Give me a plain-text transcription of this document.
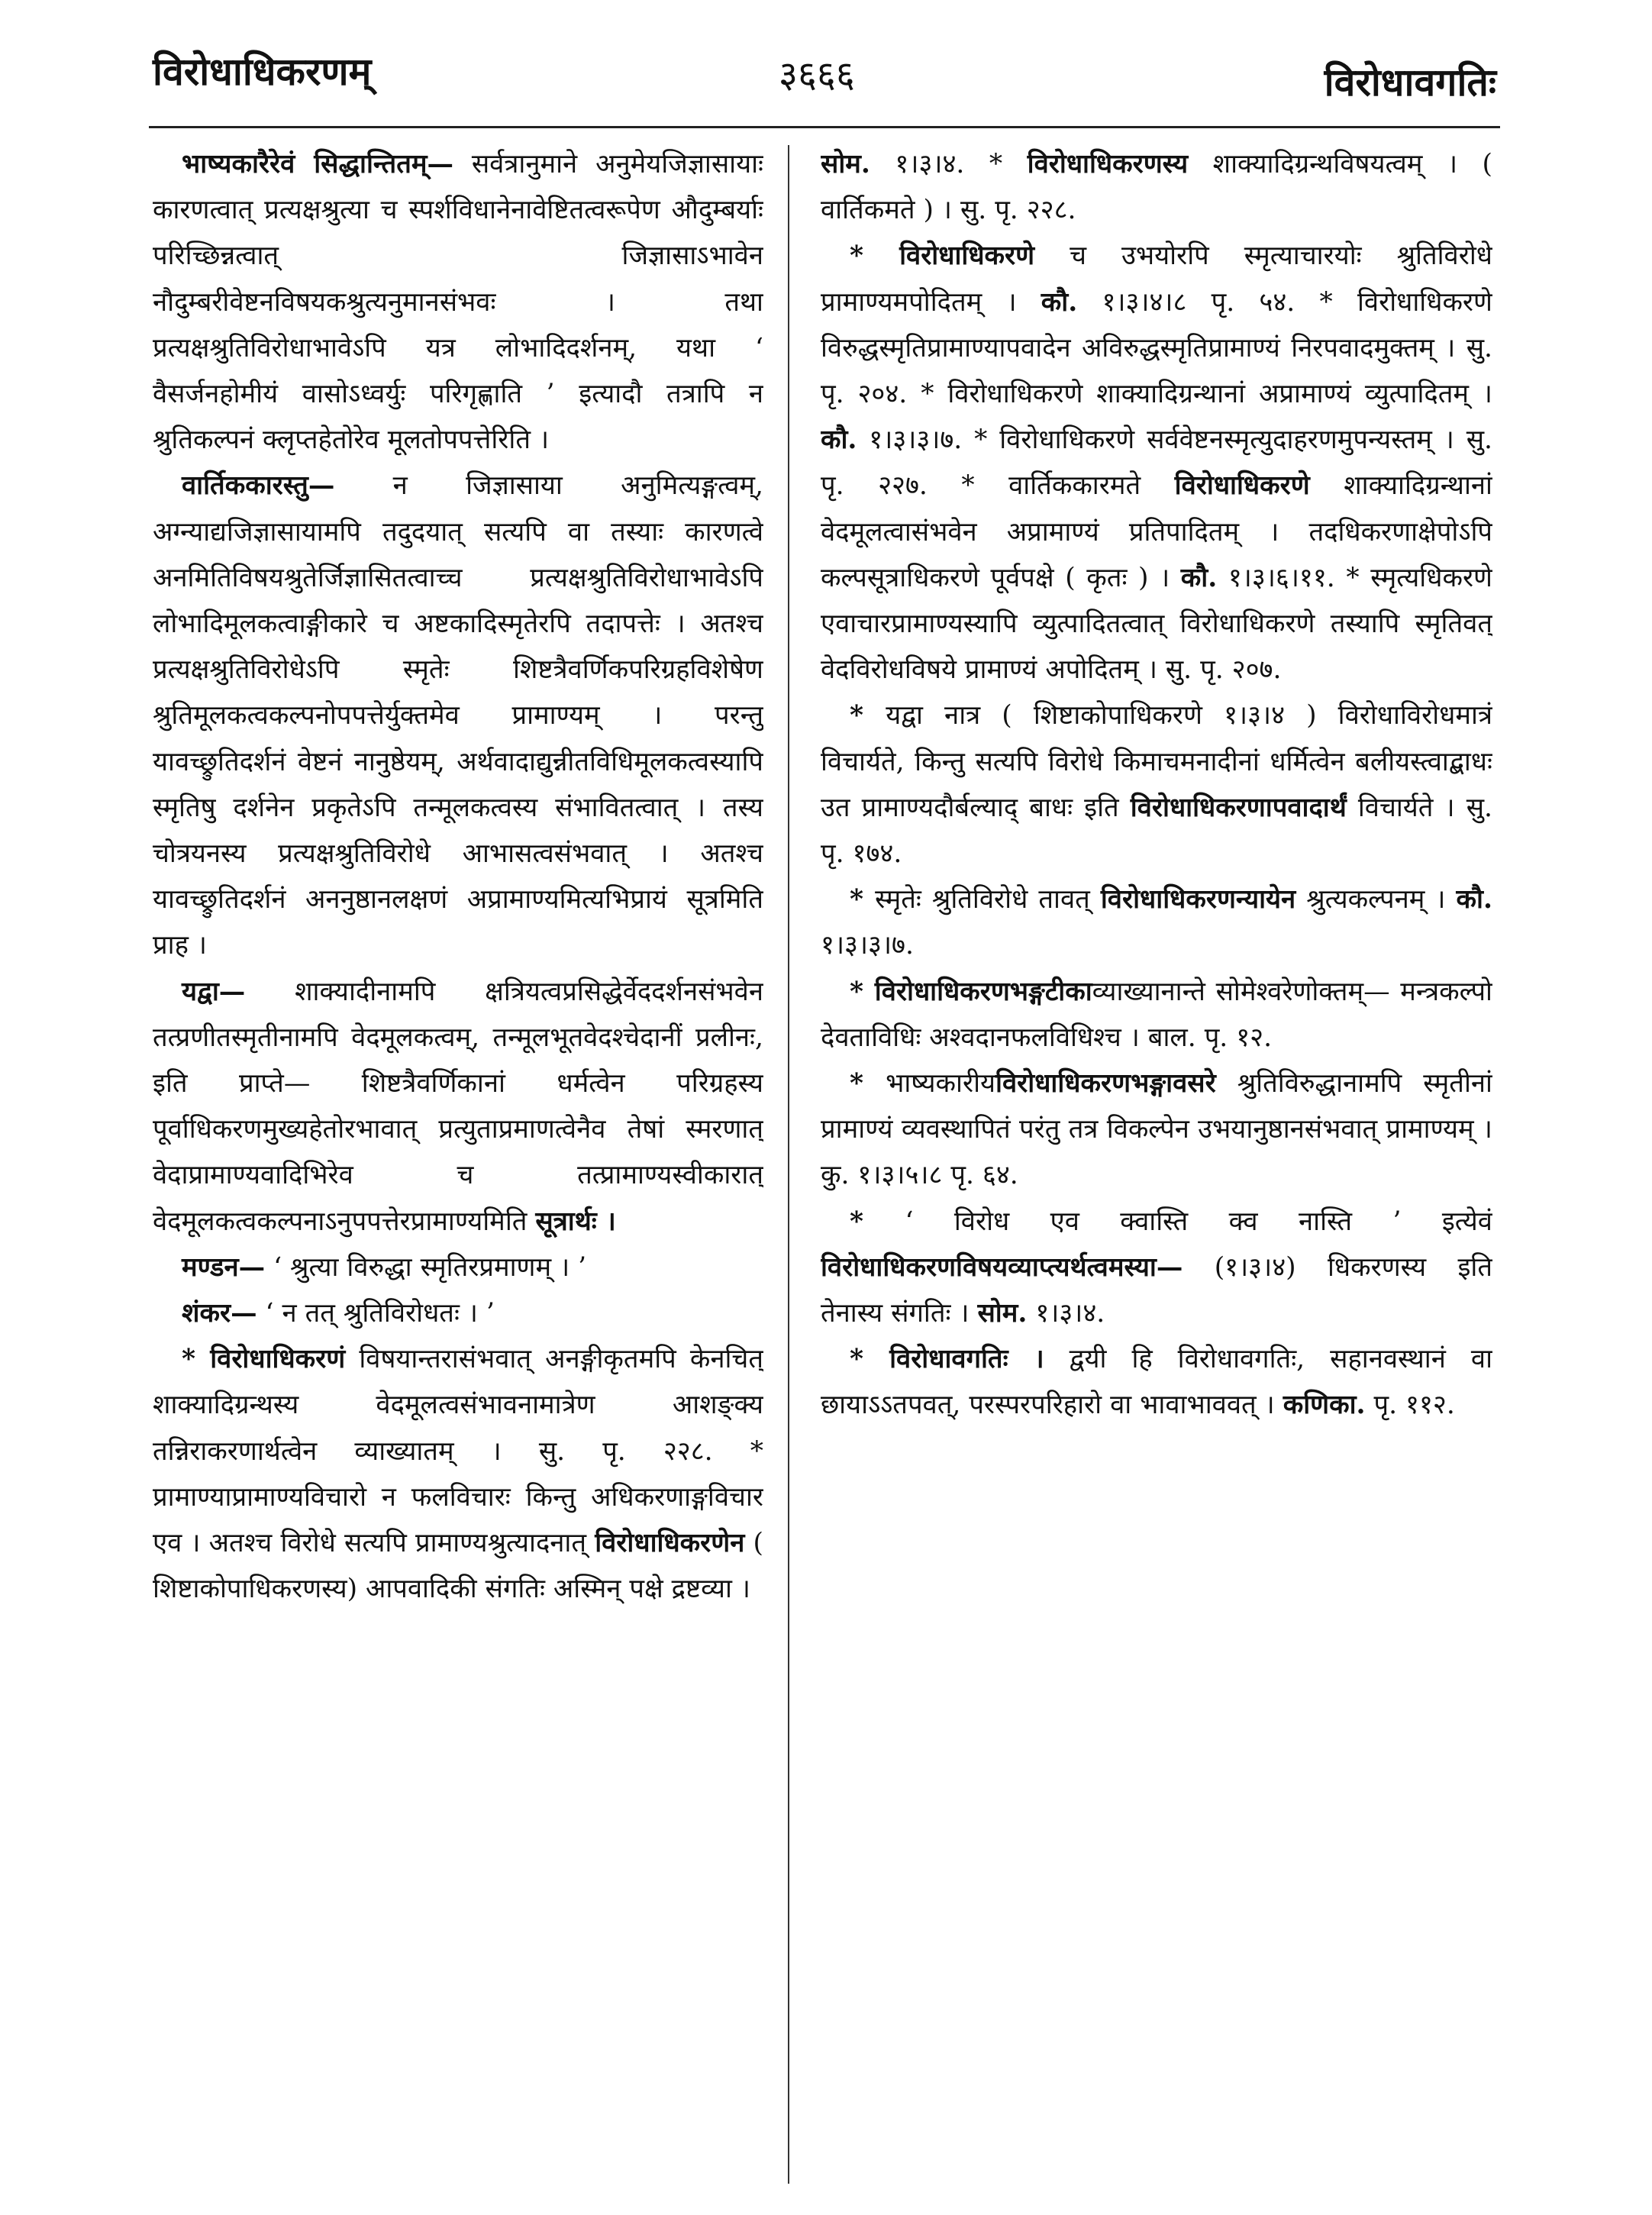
विरोधाधिकरणम्	३६६६	विरोधावगतिः

भाष्यकारैरेवं सिद्धान्तितम्— सर्वत्रानुमाने अनुमेयजिज्ञासायाः कारणत्वात् प्रत्यक्षश्रुत्या च स्पर्शविधानेनावेष्टितत्वरूपेण औदुम्बर्याः परिच्छिन्नत्वात् जिज्ञासाऽभावेन नौदुम्बरीवेष्टनविषयकश्रुत्यनुमानसंभवः । तथा प्रत्यक्षश्रुतिविरोधाभावेऽपि यत्र लोभादिदर्शनम्, यथा ‘ वैसर्जनहोमीयं वासोऽध्वर्युः परिगृह्णाति ’ इत्यादौ तत्रापि न श्रुतिकल्पनं क्लृप्तहेतोरेव मूलतोपपत्तेरिति ।

वार्तिककारस्तु— न जिज्ञासाया अनुमित्यङ्गत्वम्, अग्न्याद्यजिज्ञासायामपि तदुदयात् सत्यपि वा तस्याः कारणत्वे अनमितिविषयश्रुतेर्जिज्ञासितत्वाच्च प्रत्यक्षश्रुतिविरोधाभावेऽपि लोभादिमूलकत्वाङ्गीकारे च अष्टकादिस्मृतेरपि तदापत्तेः । अतश्च प्रत्यक्षश्रुतिविरोधेऽपि स्मृतेः शिष्टत्रैवर्णिकपरिग्रहविशेषेण श्रुतिमूलकत्वकल्पनोपपत्तेर्युक्तमेव प्रामाण्यम् । परन्तु यावच्छ्रुतिदर्शनं वेष्टनं नानुष्ठेयम्, अर्थवादाद्युन्नीतविधिमूलकत्वस्यापि स्मृतिषु दर्शनेन प्रकृतेऽपि तन्मूलकत्वस्य संभावितत्वात् । तस्य चोत्रयनस्य प्रत्यक्षश्रुतिविरोधे आभासत्वसंभवात् । अतश्च यावच्छ्रुतिदर्शनं अननुष्ठानलक्षणं अप्रामाण्यमित्यभिप्रायं सूत्रमिति प्राह ।

यद्वा— शाक्यादीनामपि क्षत्रियत्वप्रसिद्धेर्वेददर्शनसंभवेन तत्प्रणीतस्मृतीनामपि वेदमूलकत्वम्, तन्मूलभूतवेदश्चेदानीं प्रलीनः, इति प्राप्ते— शिष्टत्रैवर्णिकानां धर्मत्वेन परिग्रहस्य पूर्वाधिकरणमुख्यहेतोरभावात् प्रत्युताप्रमाणत्वेनैव तेषां स्मरणात् वेदाप्रामाण्यवादिभिरेव च तत्प्रामाण्यस्वीकारात् वेदमूलकत्वकल्पनाऽनुपपत्तेरप्रामाण्यमिति सूत्रार्थः ।

मण्डन— ‘ श्रुत्या विरुद्धा स्मृतिरप्रमाणम् । ’

शंकर— ‘ न तत् श्रुतिविरोधतः । ’

* विरोधाधिकरणं विषयान्तरासंभवात् अनङ्गीकृतमपि केनचित् शाक्यादिग्रन्थस्य वेदमूलत्वसंभावनामात्रेण आशङ्क्य तन्निराकरणार्थत्वेन व्याख्यातम् । सु. पृ. २२८. * प्रामाण्याप्रामाण्यविचारो न फलविचारः किन्तु अधिकरणाङ्गविचार एव । अतश्च विरोधे सत्यपि प्रामाण्यश्रुत्यादनात् विरोधाधिकरणेन ( शिष्टाकोपाधिकरणस्य) आपवादिकी संगतिः अस्मिन् पक्षे द्रष्टव्या ।

सोम. १।३।४. * विरोधाधिकरणस्य शाक्यादिग्रन्थविषयत्वम् । ( वार्तिकमते ) । सु. पृ. २२८.

* विरोधाधिकरणे च उभयोरपि स्मृत्याचारयोः श्रुतिविरोधे प्रामाण्यमपोदितम् । कौ. १।३।४।८ पृ. ५४. * विरोधाधिकरणे विरुद्धस्मृतिप्रामाण्यापवादेन अविरुद्धस्मृतिप्रामाण्यं निरपवादमुक्तम् । सु. पृ. २०४. * विरोधाधिकरणे शाक्यादिग्रन्थानां अप्रामाण्यं व्युत्पादितम् । कौ. १।३।३।७. * विरोधाधिकरणे सर्ववेष्टनस्मृत्युदाहरणमुपन्यस्तम् । सु. पृ. २२७. * वार्तिककारमते विरोधाधिकरणे शाक्यादिग्रन्थानां वेदमूलत्वासंभवेन अप्रामाण्यं प्रतिपादितम् । तदधिकरणाक्षेपोऽपि कल्पसूत्राधिकरणे पूर्वपक्षे ( कृतः ) । कौ. १।३।६।११. * स्मृत्यधिकरणे एवाचारप्रामाण्यस्यापि व्युत्पादितत्वात् विरोधाधिकरणे तस्यापि स्मृतिवत् वेदविरोधविषये प्रामाण्यं अपोदितम् । सु. पृ. २०७.

* यद्वा नात्र ( शिष्टाकोपाधिकरणे १।३।४ ) विरोधाविरोधमात्रं विचार्यते, किन्तु सत्यपि विरोधे किमाचमनादीनां धर्मित्वेन बलीयस्त्वाद्बाधः उत प्रामाण्यदौर्बल्याद् बाधः इति विरोधाधिकरणापवादार्थं विचार्यते । सु. पृ. १७४.

* स्मृतेः श्रुतिविरोधे तावत् विरोधाधिकरणन्यायेन श्रुत्यकल्पनम् । कौ. १।३।३।७.

* विरोधाधिकरणभङ्गटीकाव्याख्यानान्ते सोमेश्वरेणोक्तम्— मन्त्रकल्पो देवताविधिः अश्वदानफलविधिश्च । बाल. पृ. १२.

* भाष्यकारीयविरोधाधिकरणभङ्गावसरे श्रुतिविरुद्धानामपि स्मृतीनां प्रामाण्यं व्यवस्थापितं परंतु तत्र विकल्पेन उभयानुष्ठानसंभवात् प्रामाण्यम् । कु. १।३।५।८ पृ. ६४.

* ‘ विरोध एव क्वास्ति क्व नास्ति ’ इत्येवं विरोधाधिकरणविषयव्याप्त्यर्थत्वमस्या— (१।३।४) धिकरणस्य इति तेनास्य संगतिः । सोम. १।३।४.

* विरोधावगतिः । द्वयी हि विरोधावगतिः, सहानवस्थानं वा छायाऽऽतपवत्, परस्परपरिहारो वा भावाभाववत् । कणिका. पृ. ११२.
